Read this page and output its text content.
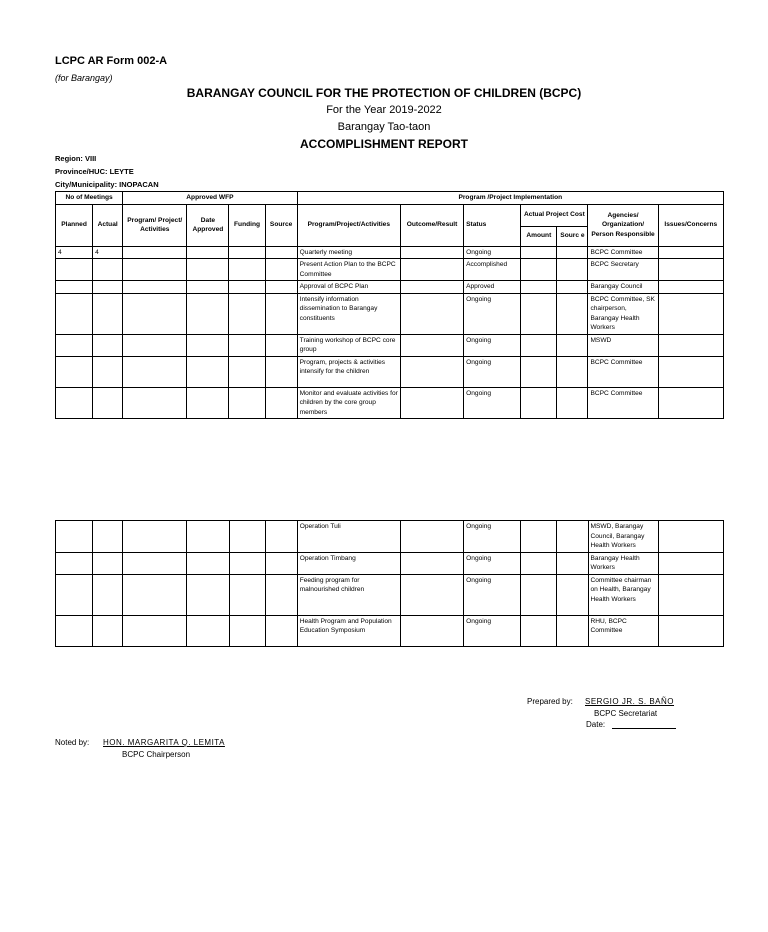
LCPC AR Form 002-A
(for Barangay)
BARANGAY COUNCIL FOR THE PROTECTION OF CHILDREN (BCPC)
For the Year 2019-2022
Barangay Tao-taon
ACCOMPLISHMENT REPORT
Region: VIII
Province/HUC: LEYTE
City/Municipality: INOPACAN
No of Meetings		Approved WFP				Program /Project Implementation						
Planned	Actual	Program/ Project/ Activities	Date Approved	Funding	Source	Program/Project/Activities	Outcome/Result	Status	Actual Project Cost		Agencies/ Organization/ Person Responsible	Issues/Concerns
									Amount	Sourc e		
4	4					Quarterly meeting		Ongoing			BCPC Committee	
						Present Action Plan to the BCPC Committee		Accomplished			BCPC Secretary	
						Approval of BCPC Plan		Approved			Barangay Council	
						Intensify information dissemination to Barangay constituents		Ongoing			BCPC Committee, SK chairperson, Barangay Health Workers	
						Training workshop of BCPC core group		Ongoing			MSWD	
						Program, projects & activities intensify for the children		Ongoing			BCPC Committee	
						Monitor and evaluate activities for children by the core group members		Ongoing			BCPC Committee	
						Operation Tuli		Ongoing			MSWD, Barangay Council, Barangay Health Workers	
						Operation Timbang		Ongoing			Barangay Health Workers	
						Feeding program for malnourished children		Ongoing			Committee chairman on Health, Barangay Health Workers	
						Health Program and Population Education Symposium		Ongoing			RHU, BCPC Committee	
Prepared by: SERGIO JR. S. BAÑO
BCPC Secretariat
Date:
Noted by: HON. MARGARITA Q. LEMITA
BCPC Chairperson
